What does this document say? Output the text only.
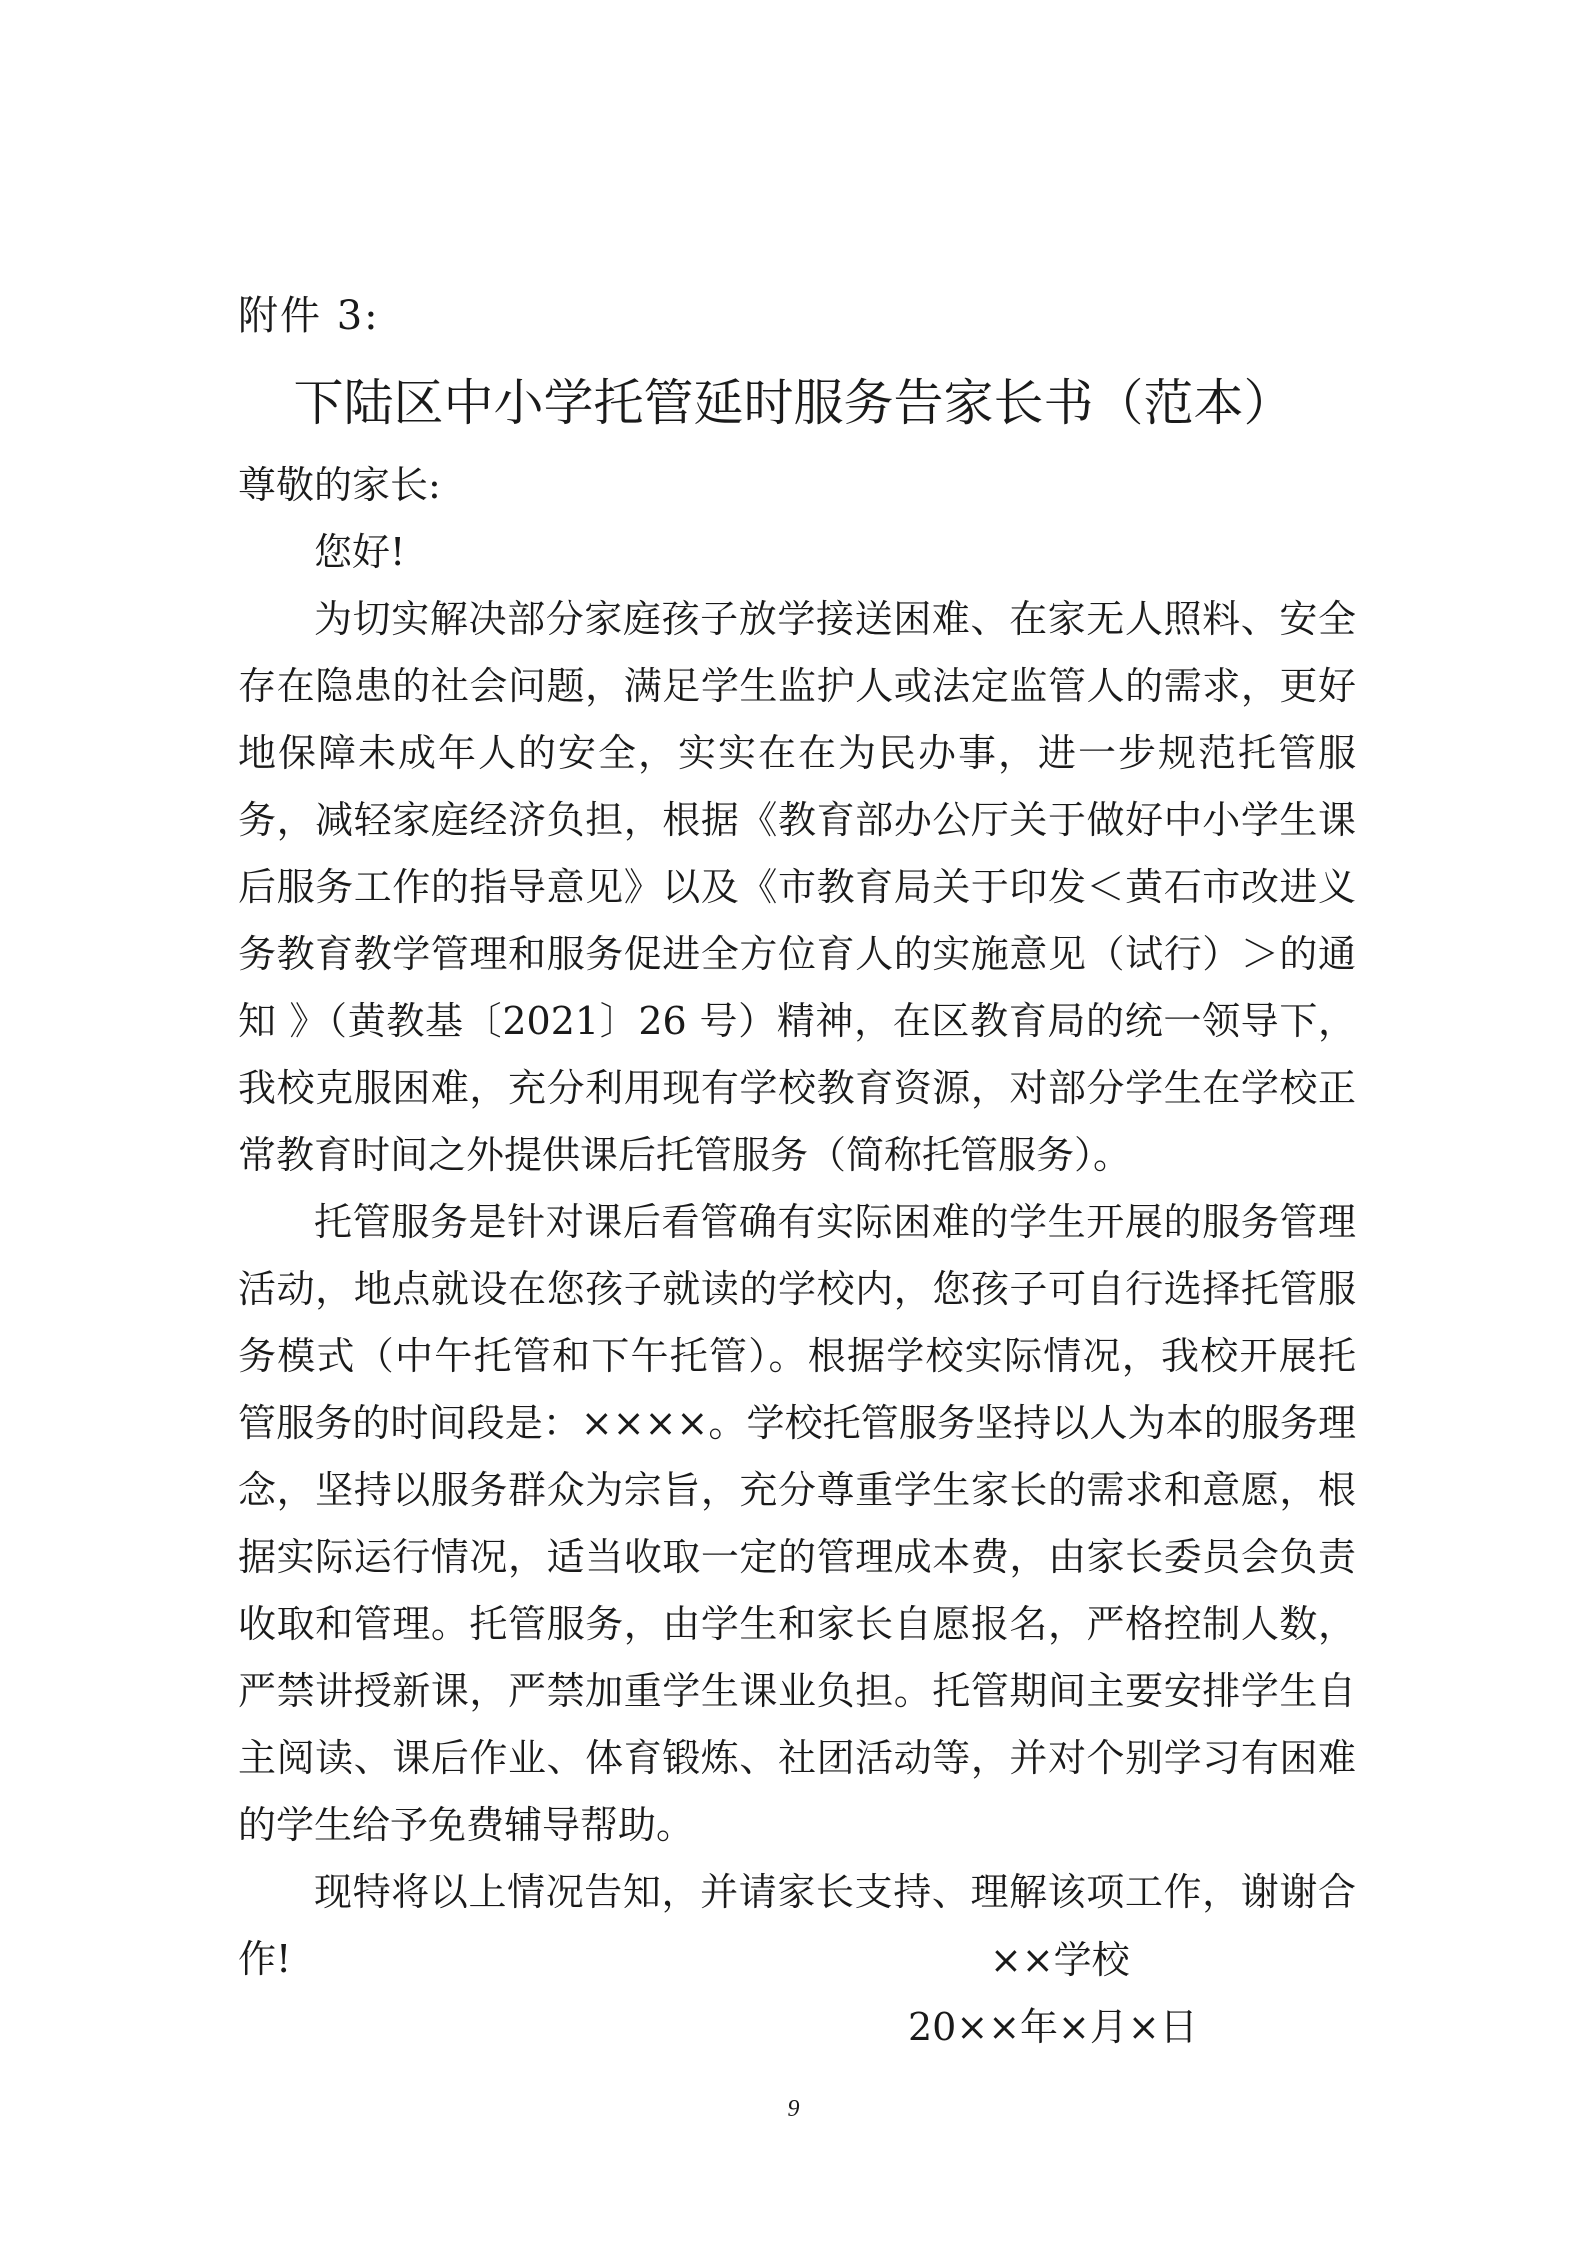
附件 3:
下陆区中小学托管延时服务告家长书（范本）

尊敬的家长:

您好!

为切实解决部分家庭孩子放学接送困难、在家无人照料、安全存在隐患的社会问题，满足学生监护人或法定监管人的需求，更好地保障未成年人的安全，实实在在为民办事，进一步规范托管服务，减轻家庭经济负担，根据《教育部办公厅关于做好中小学生课后服务工作的指导意见》以及《市教育局关于印发＜黄石市改进义务教育教学管理和服务促进全方位育人的实施意见（试行）＞的通知 》（黄教基〔2021〕26 号）精神，在区教育局的统一领导下，我校克服困难，充分利用现有学校教育资源，对部分学生在学校正常教育时间之外提供课后托管服务（简称托管服务）。

托管服务是针对课后看管确有实际困难的学生开展的服务管理活动，地点就设在您孩子就读的学校内，您孩子可自行选择托管服务模式（中午托管和下午托管）。根据学校实际情况，我校开展托管服务的时间段是：××××。学校托管服务坚持以人为本的服务理念，坚持以服务群众为宗旨，充分尊重学生家长的需求和意愿，根据实际运行情况，适当收取一定的管理成本费，由家长委员会负责收取和管理。托管服务，由学生和家长自愿报名，严格控制人数，严禁讲授新课，严禁加重学生课业负担。托管期间主要安排学生自主阅读、课后作业、体育锻炼、社团活动等，并对个别学习有困难的学生给予免费辅导帮助。

现特将以上情况告知，并请家长支持、理解该项工作，谢谢合作!	××学校
20××年×月×日
9
